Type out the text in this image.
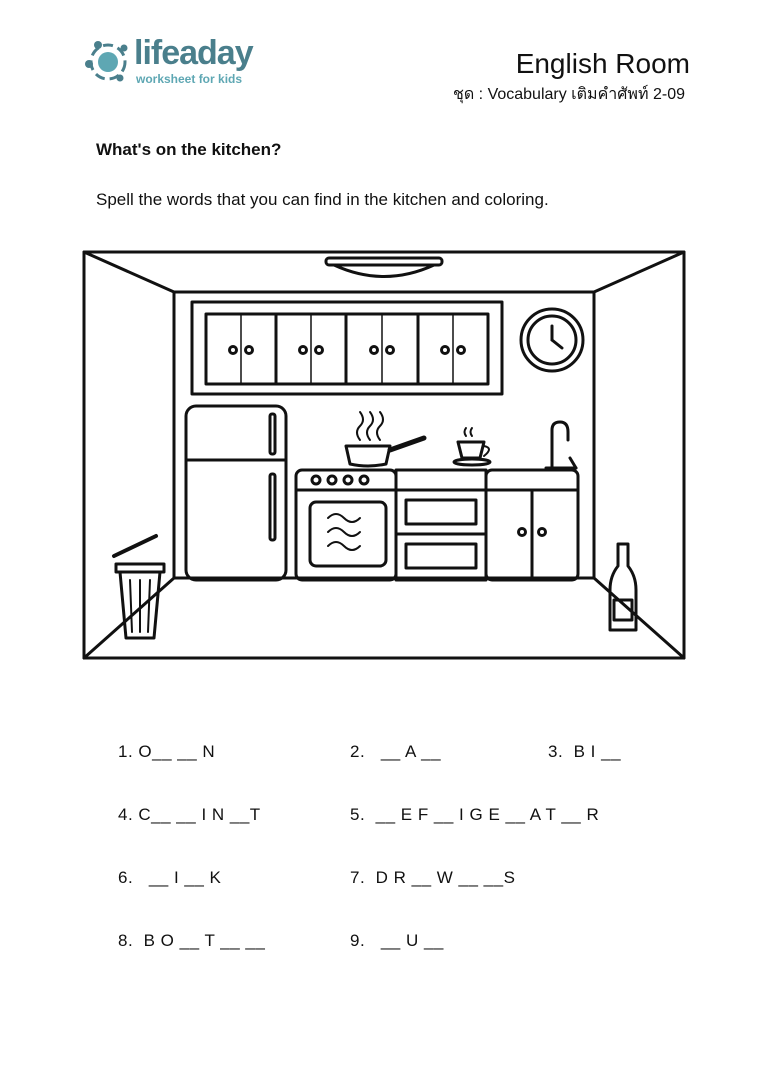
lifeaday
worksheet for kids	English Room
ชุด : Vocabulary เติมคำศัพท์ 2-09
What's on the kitchen?
Spell the words that you can find in the kitchen and coloring.
1. O__ __ N	2.   __ A __	3.  B I __
4. C__ __ I N __T	5.  __ E F __ I G E __ A T __ R
6.   __ I __ K	7.  D R __ W __ __S
8.  B O __ T __ __	9.   __ U __
